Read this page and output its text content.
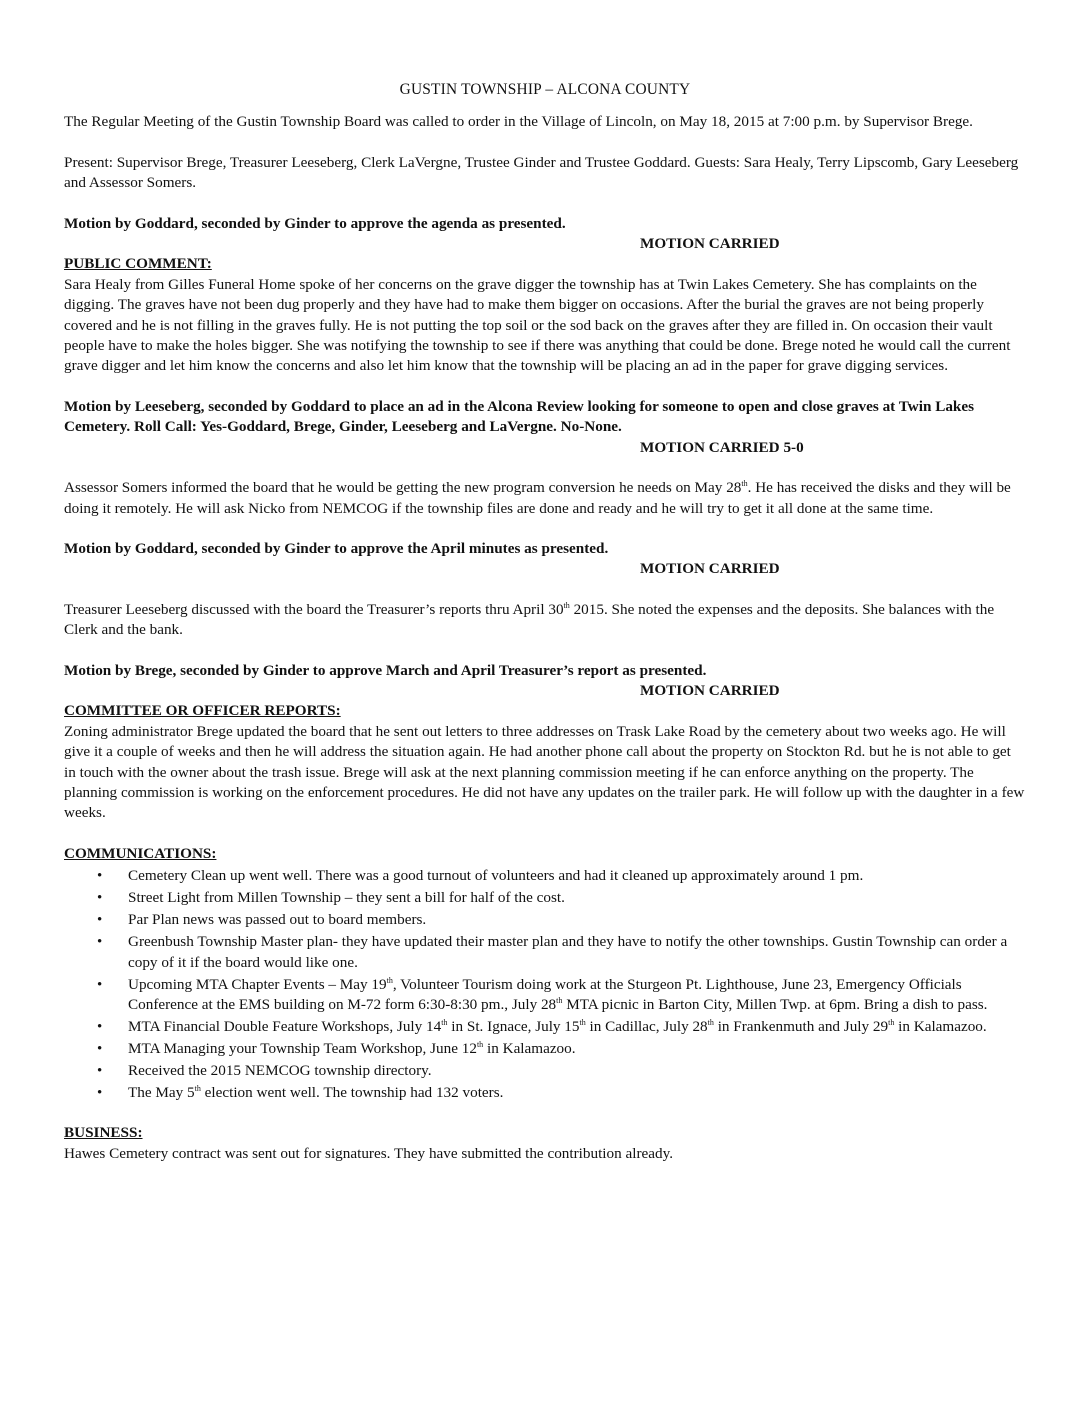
GUSTIN TOWNSHIP – ALCONA COUNTY

The Regular Meeting of the Gustin Township Board was called to order in the Village of Lincoln, on May 18, 2015 at 7:00 p.m. by Supervisor Brege.

Present: Supervisor Brege, Treasurer Leeseberg, Clerk LaVergne, Trustee Ginder and Trustee Goddard. Guests: Sara Healy, Terry Lipscomb, Gary Leeseberg and Assessor Somers.

Motion by Goddard, seconded by Ginder to approve the agenda as presented.

MOTION CARRIED

PUBLIC COMMENT:

Sara Healy from Gilles Funeral Home spoke of her concerns on the grave digger the township has at Twin Lakes Cemetery. She has complaints on the digging. The graves have not been dug properly and they have had to make them bigger on occasions. After the burial the graves are not being properly covered and he is not filling in the graves fully. He is not putting the top soil or the sod back on the graves after they are filled in. On occasion their vault people have to make the holes bigger. She was notifying the township to see if there was anything that could be done. Brege noted he would call the current grave digger and let him know the concerns and also let him know that the township will be placing an ad in the paper for grave digging services.

Motion by Leeseberg, seconded by Goddard to place an ad in the Alcona Review looking for someone to open and close graves at Twin Lakes Cemetery. Roll Call: Yes-Goddard, Brege, Ginder, Leeseberg and LaVergne. No-None.

MOTION CARRIED 5-0

Assessor Somers informed the board that he would be getting the new program conversion he needs on May 28th. He has received the disks and they will be doing it remotely. He will ask Nicko from NEMCOG if the township files are done and ready and he will try to get it all done at the same time.

Motion by Goddard, seconded by Ginder to approve the April minutes as presented.

MOTION CARRIED

Treasurer Leeseberg discussed with the board the Treasurer’s reports thru April 30th 2015. She noted the expenses and the deposits. She balances with the Clerk and the bank.

Motion by Brege, seconded by Ginder to approve March and April Treasurer’s report as presented.

MOTION CARRIED

COMMITTEE OR OFFICER REPORTS:

Zoning administrator Brege updated the board that he sent out letters to three addresses on Trask Lake Road by the cemetery about two weeks ago. He will give it a couple of weeks and then he will address the situation again. He had another phone call about the property on Stockton Rd. but he is not able to get in touch with the owner about the trash issue. Brege will ask at the next planning commission meeting if he can enforce anything on the property. The planning commission is working on the enforcement procedures. He did not have any updates on the trailer park. He will follow up with the daughter in a few weeks.

COMMUNICATIONS:

• Cemetery Clean up went well. There was a good turnout of volunteers and had it cleaned up approximately around 1 pm.
• Street Light from Millen Township – they sent a bill for half of the cost.
• Par Plan news was passed out to board members.
• Greenbush Township Master plan- they have updated their master plan and they have to notify the other townships. Gustin Township can order a copy of it if the board would like one.
• Upcoming MTA Chapter Events – May 19th, Volunteer Tourism doing work at the Sturgeon Pt. Lighthouse, June 23, Emergency Officials Conference at the EMS building on M-72 form 6:30-8:30 pm., July 28th MTA picnic in Barton City, Millen Twp. at 6pm. Bring a dish to pass.
• MTA Financial Double Feature Workshops, July 14th in St. Ignace, July 15th in Cadillac, July 28th in Frankenmuth and July 29th in Kalamazoo.
• MTA Managing your Township Team Workshop, June 12th in Kalamazoo.
• Received the 2015 NEMCOG township directory.
• The May 5th election went well. The township had 132 voters.

BUSINESS:

Hawes Cemetery contract was sent out for signatures. They have submitted the contribution already.
